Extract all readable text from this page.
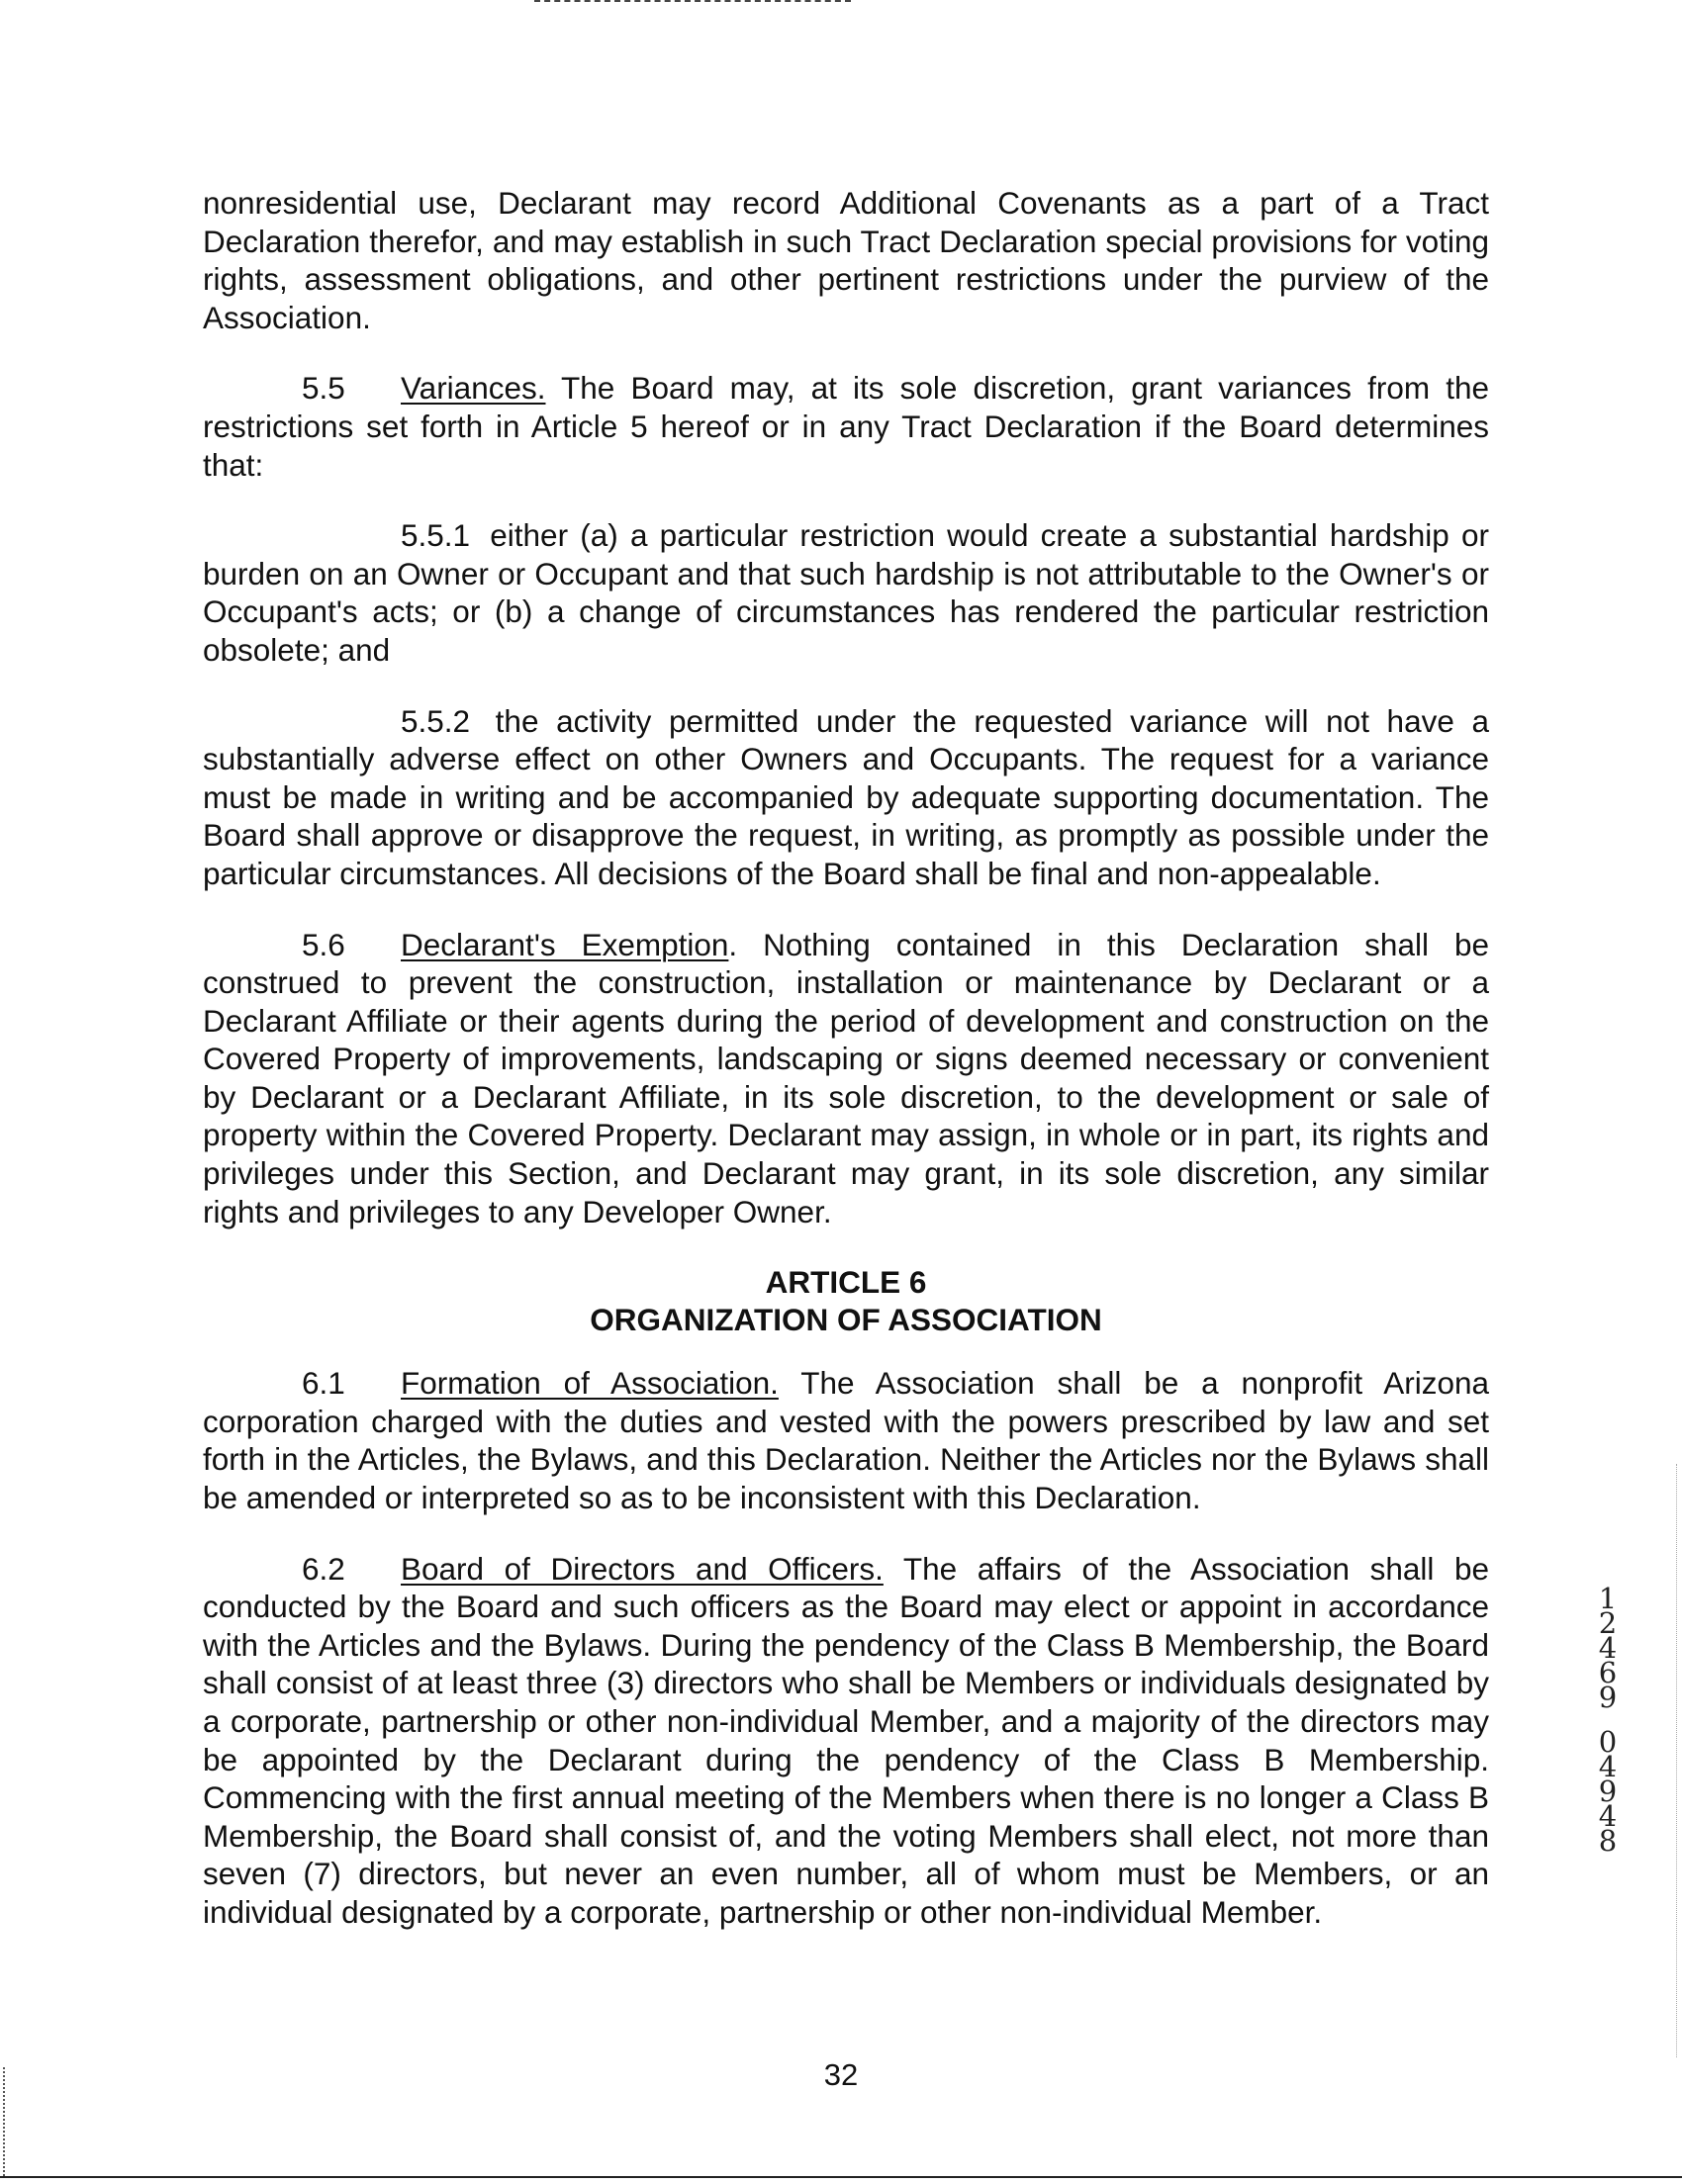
nonresidential use, Declarant may record Additional Covenants as a part of a Tract Declaration therefor, and may establish in such Tract Declaration special provisions for voting rights, assessment obligations, and other pertinent restrictions under the purview of the Association.

5.5 Variances. The Board may, at its sole discretion, grant variances from the restrictions set forth in Article 5 hereof or in any Tract Declaration if the Board determines that:

5.5.1 either (a) a particular restriction would create a substantial hardship or burden on an Owner or Occupant and that such hardship is not attributable to the Owner's or Occupant's acts; or (b) a change of circumstances has rendered the particular restriction obsolete; and

5.5.2 the activity permitted under the requested variance will not have a substantially adverse effect on other Owners and Occupants. The request for a variance must be made in writing and be accompanied by adequate supporting documentation. The Board shall approve or disapprove the request, in writing, as promptly as possible under the particular circumstances. All decisions of the Board shall be final and non-appealable.

5.6 Declarant's Exemption. Nothing contained in this Declaration shall be construed to prevent the construction, installation or maintenance by Declarant or a Declarant Affiliate or their agents during the period of development and construction on the Covered Property of improvements, landscaping or signs deemed necessary or convenient by Declarant or a Declarant Affiliate, in its sole discretion, to the development or sale of property within the Covered Property. Declarant may assign, in whole or in part, its rights and privileges under this Section, and Declarant may grant, in its sole discretion, any similar rights and privileges to any Developer Owner.

ARTICLE 6
ORGANIZATION OF ASSOCIATION

6.1 Formation of Association. The Association shall be a nonprofit Arizona corporation charged with the duties and vested with the powers prescribed by law and set forth in the Articles, the Bylaws, and this Declaration. Neither the Articles nor the Bylaws shall be amended or interpreted so as to be inconsistent with this Declaration.

6.2 Board of Directors and Officers. The affairs of the Association shall be conducted by the Board and such officers as the Board may elect or appoint in accordance with the Articles and the Bylaws. During the pendency of the Class B Membership, the Board shall consist of at least three (3) directors who shall be Members or individuals designated by a corporate, partnership or other non-individual Member, and a majority of the directors may be appointed by the Declarant during the pendency of the Class B Membership. Commencing with the first annual meeting of the Members when there is no longer a Class B Membership, the Board shall consist of, and the voting Members shall elect, not more than seven (7) directors, but never an even number, all of whom must be Members, or an individual designated by a corporate, partnership or other non-individual Member.

32
1
2
4
6
9
0
4
9
4
8
